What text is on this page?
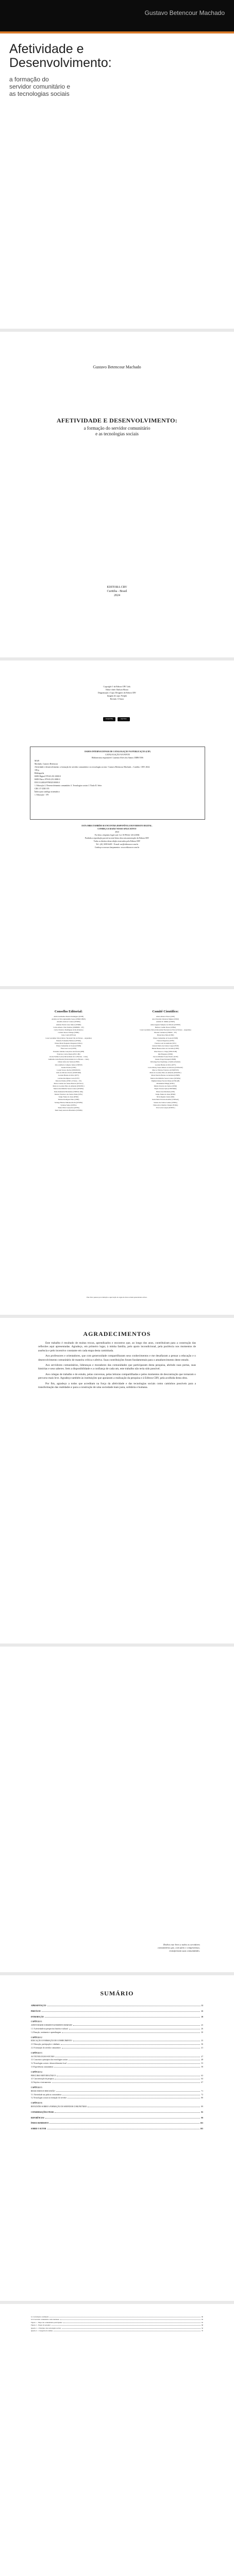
Gustavo Betencour Machado
Afetividade e
Desenvolvimento:
a formação do
servidor comunitário e
as tecnologias sociais
Gustavo Betencour Machado
AFETIVIDADE E DESENVOLVIMENTO:
a formação do servidor comunitário
e as tecnologias sociais
EDITORA CRV
Curitiba - Brasil
2024
Copyright © da Editora CRV Ltda.
Editor-chefe: Railson Moura
Diagramação e Capa: Designers da Editora CRV
Imagem de capa: Freepik
Revisão: O Autor
Google Play	App Store
DADOS INTERNACIONAIS DE CATALOGAÇÃO NA PUBLICAÇÃO (CIP)
CATALOGAÇÃO NA FONTE
Bibliotecária responsável: Luzenira Alves dos Santos CRB9/1506
M149
Machado, Gustavo Betencour
Afetividade e desenvolvimento: a formação do servidor comunitário e as tecnologias sociais / Gustavo Betencour Machado – Curitiba : CRV, 2024.
106 p.
Bibliografia
ISBN Digital 978-65-251-0000-0
ISBN Físico 978-65-251-0000-0
DOI 10.24824/978652510000.0
1. Educação 2. Desenvolvimento comunitário 3. Tecnologias sociais I. Título II. Série.
CDU 37 CDD 370
Índice para catálogo sistemático
1. Educação - 370
ESTA OBRA TAMBÉM SE ENCONTRA DISPONÍVEL EM FORMATO DIGITAL.
CONHEÇA E BAIXE NOSSO APLICATIVO!
2024
Foi feito o depósito legal conf. Lei 10.994 de 14/12/2004
Proibida a reprodução parcial ou total desta obra sem autorização da Editora CRV
Todos os direitos desta edição reservados pela Editora CRV
Tel.: (41) 3039-6418 - E-mail: sac@editoracrv.com.br
Conheça os nossos lançamentos: www.editoracrv.com.br
Conselho Editorial:
Aldira Guimarães Duarte Domínguez (UNB)
Andréia da Silva Quintanilha Sousa (UNIR/UFRN)
Anselmo Alencar Colares (UFOPA)
Antônio Pereira Gaio Júnior (UFRRJ)
Carlos Alberto Vilar Estêvão (UMINHO – PT)
Carlos Federico Dominguez Avila (Unieuro)
Carmen Tereza Velanga (UNIR)
Celso Conti (UFSCar)
Cesar Gerónimo Tello (Univer. Nacional Três de Febrero – Argentina)
Eduardo Fernandes Barbosa (UFMG)
Elione Maria Nogueira Diogenes (UFAL)
Elizeu Clementino de Souza (UNEB)
Élsio José Corá (UFFS)
Fernando Antônio Gonçalves Alcoforado (IPB)
Francisco Carlos Duarte (PUC-PR)
Gloria Fariñas León (Universidade de La Havana – Cuba)
Guillermo Arias Beatón (Universidade de La Havana – Cuba)
Jailson Alves dos Santos (UFRJ)
João Adalberto Campato Junior (UNESP)
Josania Portela (UFPI)
Leonel Severo Rocha (UNISINOS)
Lídia de Oliveira Xavier (UNIEURO)
Lourdes Helena da Silva (UFV)
Luciano Rodrigues Costa (UFV)
Marcelo Paixão (UFRJ e UTexas – US)
Maria Cristina dos Santos Bezerra (UFSCar)
Maria de Lourdes Pinto de Almeida (UNOESC)
Maria Lília Imbiriba Sousa Colares (UFOPA)
Paulo Romualdo Hernandes (UNIFAL-MG)
Renato Francisco dos Santos Paula (UFG)
Sérgio Nunes de Jesus (IFRO)
Simone Rodrigues Pinto (UNB)
Solange Helena Ximenes-Rocha (UFOPA)
Sydione Santos (UEPG)
Tadeu Oliver Gonçalves (UFPA)
Tania Suely Azevedo Brasileiro (UFOPA)
Comitê Científico:
Altair Alberto Fávero (UPF)
Ana Chrystina Venancio Mignot (UERJ)
Andréia N. Militão (UEMS)
Anna Augusta Sampaio de Oliveira (UNESP)
Barbara Coelho Neves (UFBA)
Cesar Gerónimo Tello (Universidad Nacional de Três de Febrero – Argentina)
Diosnel Centurion (UNIDA – PY)
Eliane Rose Maio (UEM)
Elizeu Clementino de Souza (UNEB)
Fauston Negreiros (UFPI)
Francisco Ari de Andrade (UFC)
Gláucia Maria dos Santos Jorge (UFOP)
Helder Buenos Aires de Carvalho (UFPI)
Ilma Passos A. Veiga (UNICEUB)
Inês Bragança (UERJ)
José de Ribamar Sousa Pereira (UCB)
Jussara Fraga Portugal (UNEB)
Kilwangy Kya Kapitango-a-Samba (Unemat)
Lourdes Helena da Silva (UFV)
Lucia Marisy Souza Ribeiro de Oliveira (UNIVASF)
Marcos Vinicius Francisco (UNOESTE)
Maria de Lourdes Pinto de Almeida (UNOESC)
Maria Eurácia Barreto de Andrade (UFRB)
Maria Lília Imbiriba Sousa Colares (UFOPA)
Míghian Danae Ferreira Nunes (UNILAB)
Mohammed Elhajji (UFRJ)
Mônica Pereira dos Santos (UFRJ)
Najela Tavares Ujiie (UNESPAR)
Nilson José Machado (USP)
Sérgio Nunes de Jesus (IFRO)
Silvia Regina Canan (URI)
Sonia Maria Ferreira Koehler (UNISAL)
Suzana dos Santos Gomes (UFMG)
Vânia Alves Martins Chaigar (FURG)
Vera Lucia Gaspar (UDESC)
Este livro passou por avaliação e aprovação às cegas de dois ou mais pareceristas ad hoc.
AGRADECIMENTOS

Este trabalho é resultado de muitas trocas, aprendizados e encontros que, ao longo dos anos, contribuíram para a construção das reflexões aqui apresentadas. Agradeço, em primeiro lugar, à minha família, pelo apoio incondicional, pela paciência nos momentos de ausência e pelo incentivo constante em cada etapa desta caminhada.

Aos professores e orientadores, que com generosidade compartilharam seus conhecimentos e me desafiaram a pensar a educação e o desenvolvimento comunitário de maneira crítica e afetiva. Suas contribuições foram fundamentais para o amadurecimento deste estudo.

Aos servidores comunitários, lideranças e moradores das comunidades que participaram desta pesquisa, abrindo suas portas, suas histórias e seus saberes. Sem a disponibilidade e a confiança de cada um, este trabalho não teria sido possível.

Aos colegas de trabalho e de estudo, pelas conversas, pelas leituras compartilhadas e pelos momentos de descontração que tornaram o percurso mais leve. Agradeço também às instituições que apoiaram a realização da pesquisa e à Editora CRV, pela acolhida desta obra.

Por fim, agradeço a todos que acreditam na força da afetividade e das tecnologias sociais como caminhos possíveis para a transformação das realidades e para a construção de uma sociedade mais justa, solidária e humana.

Dedico este livro a todos os servidores
comunitários que, com afeto e compromisso,
transformam suas comunidades.
SUMÁRIO
APRESENTAÇÃO	11
PREFÁCIO	15
INTRODUÇÃO	19
CAPÍTULO 1
AFETIVIDADE E DESENVOLVIMENTO HUMANO	25
1.1 A afetividade na perspectiva histórico-cultural	26
1.2 Emoção, sentimento e aprendizagem	30
CAPÍTULO 2
EDUCAÇÃO E FORMAÇÃO DE CONHECIMENTO	35
2.1 Educação, participação e cidadania	36
2.2 A formação do servidor comunitário	41
CAPÍTULO 3
AS TECNOLOGIAS SOCIAIS	47
3.1 Conceitos e princípios das tecnologias sociais	48
3.2 Tecnologias sociais e desenvolvimento local	53
3.3 Experiências comunitárias	58
CAPÍTULO 4
PERCURSO METODOLÓGICO	63
4.1 Caracterização da pesquisa	64
4.2 Sujeitos e instrumentos	67
CAPÍTULO 5
RESULTADOS E DISCUSSÃO	71
5.1 Afetividade nas práticas comunitárias	72
5.2 Tecnologias sociais na formação do servidor	80
CAPÍTULO 6
REFLEXÕES SOBRE A FORMAÇÃO DO SERVIDOR COMUNITÁRIO	89
CONSIDERAÇÕES FINAIS	95
REFERÊNCIAS	99
ÍNDICE REMISSIVO	103
SOBRE O AUTOR	105
6.1 A formação continuada	90
6.2 O servidor comunitário como mediador	92
Figura 1 – Mapa das comunidades participantes	65
Figura 2 – Etapas da pesquisa	68
Quadro 1 – Princípios das tecnologias sociais	50
Quadro 2 – Categorias de análise	70
